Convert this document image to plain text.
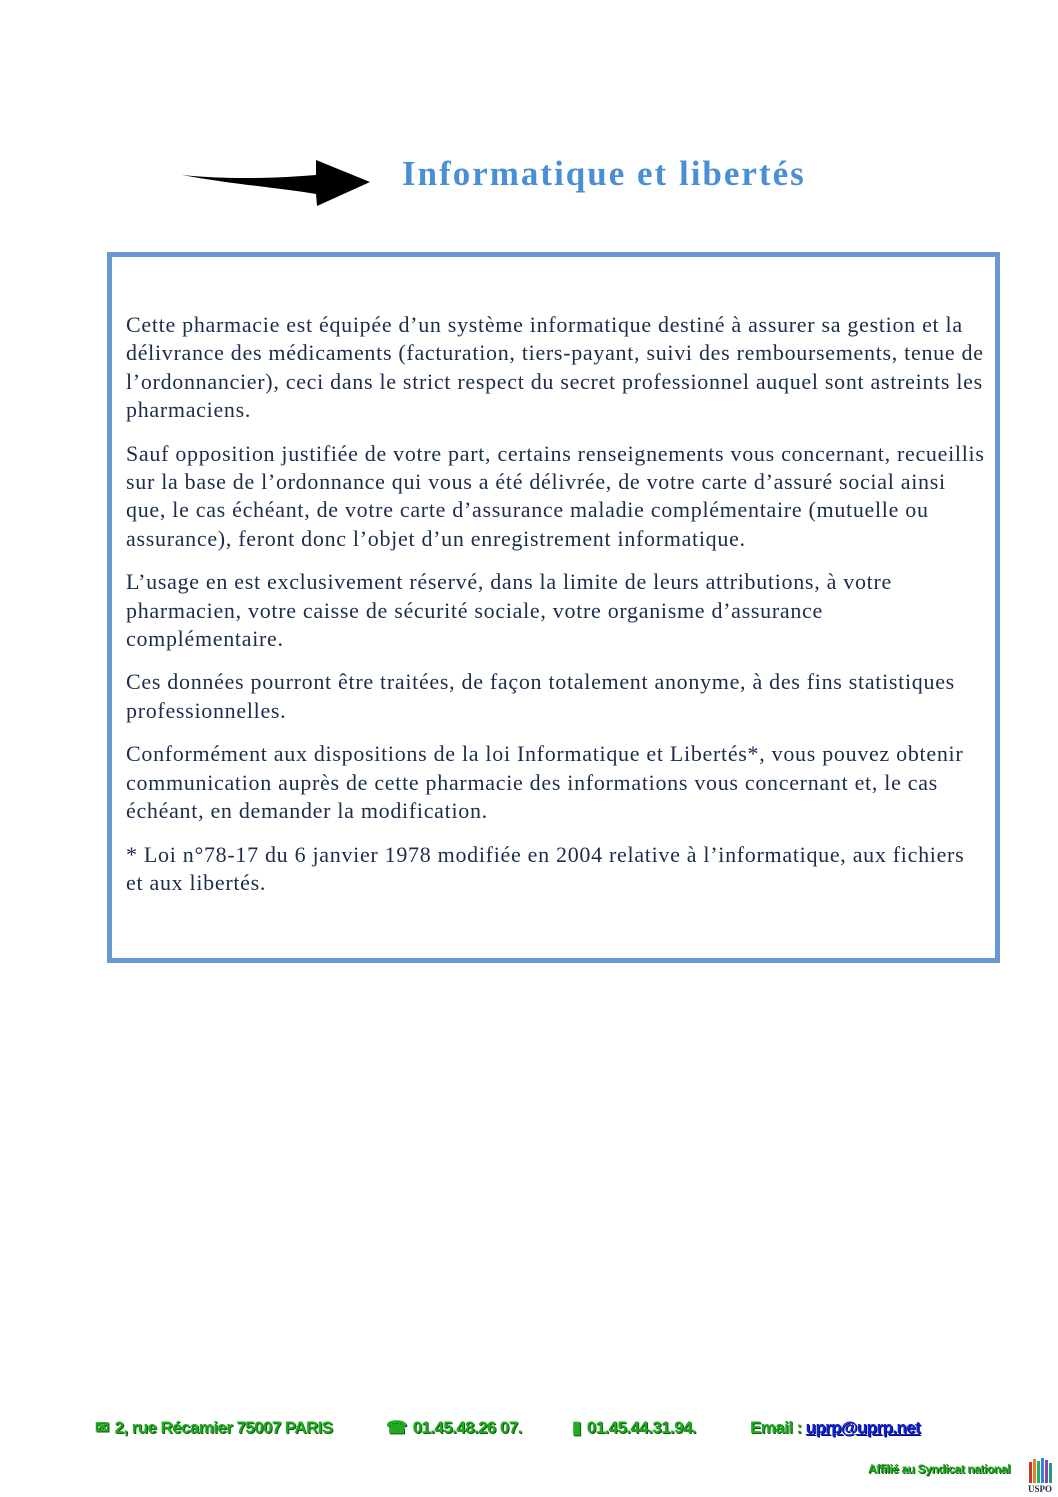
Informatique et libertés

Cette pharmacie est équipée d’un système informatique destiné à assurer sa gestion et la délivrance des médicaments (facturation, tiers-payant, suivi des remboursements, tenue de l’ordonnancier), ceci dans le strict respect du secret professionnel auquel sont astreints les pharmaciens.

Sauf opposition justifiée de votre part, certains renseignements vous concernant, recueillis sur la base de l’ordonnance qui vous a été délivrée, de votre carte d’assuré social ainsi que, le cas échéant, de votre carte d’assurance maladie complémentaire (mutuelle ou assurance), feront donc l’objet d’un enregistrement informatique.

L’usage en est exclusivement réservé, dans la limite de leurs attributions, à votre pharmacien, votre caisse de sécurité sociale, votre organisme d’assurance complémentaire.

Ces données pourront être traitées, de façon totalement anonyme, à des fins statistiques professionnelles.

Conformément aux dispositions de la loi Informatique et Libertés*, vous pouvez obtenir communication auprès de cette pharmacie des informations vous concernant et, le cas échéant, en demander la modification.

* Loi n°78-17 du 6 janvier 1978 modifiée en 2004 relative à l’informatique, aux fichiers et aux libertés.

✉ 2, rue Récamier 75007 PARIS	☎ 01.45.48.26 07.	▮ 01.45.44.31.94.	Email : uprp@uprp.net
Affilié au Syndicat national
USPO
